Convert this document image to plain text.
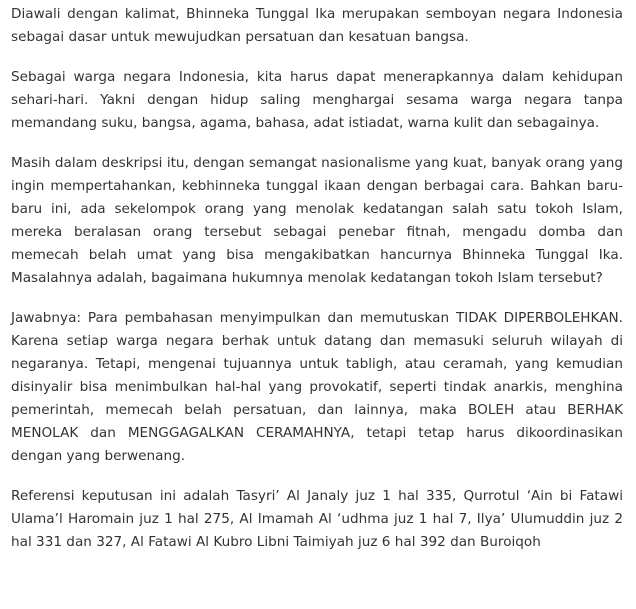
Diawali dengan kalimat, Bhinneka Tunggal Ika merupakan semboyan negara Indonesia sebagai dasar untuk mewujudkan persatuan dan kesatuan bangsa.

Sebagai warga negara Indonesia, kita harus dapat menerapkannya dalam kehidupan sehari-hari. Yakni dengan hidup saling menghargai sesama warga negara tanpa memandang suku, bangsa, agama, bahasa, adat istiadat, warna kulit dan sebagainya.

Masih dalam deskripsi itu, dengan semangat nasionalisme yang kuat, banyak orang yang ingin mempertahankan, kebhinneka tunggal ikaan dengan berbagai cara. Bahkan baru-baru ini, ada sekelompok orang yang menolak kedatangan salah satu tokoh Islam, mereka beralasan orang tersebut sebagai penebar fitnah, mengadu domba dan memecah belah umat yang bisa mengakibatkan hancurnya Bhinneka Tunggal Ika. Masalahnya adalah, bagaimana hukumnya menolak kedatangan tokoh Islam tersebut?

Jawabnya: Para pembahasan menyimpulkan dan memutuskan TIDAK DIPERBOLEHKAN. Karena setiap warga negara berhak untuk datang dan memasuki seluruh wilayah di negaranya. Tetapi, mengenai tujuannya untuk tabligh, atau ceramah, yang kemudian disinyalir bisa menimbulkan hal-hal yang provokatif, seperti tindak anarkis, menghina pemerintah, memecah belah persatuan, dan lainnya, maka BOLEH atau BERHAK MENOLAK dan MENGGAGALKAN CERAMAHNYA, tetapi tetap harus dikoordinasikan dengan yang berwenang.

Referensi keputusan ini adalah Tasyri’ Al Janaly juz 1 hal 335, Qurrotul ‘Ain bi Fatawi Ulama’l Haromain juz 1 hal 275, Al Imamah Al ‘udhma juz 1 hal 7, Ilya’ Ulumuddin juz 2 hal 331 dan 327, Al Fatawi Al Kubro Libni Taimiyah juz 6 hal 392 dan Buroiqoh
